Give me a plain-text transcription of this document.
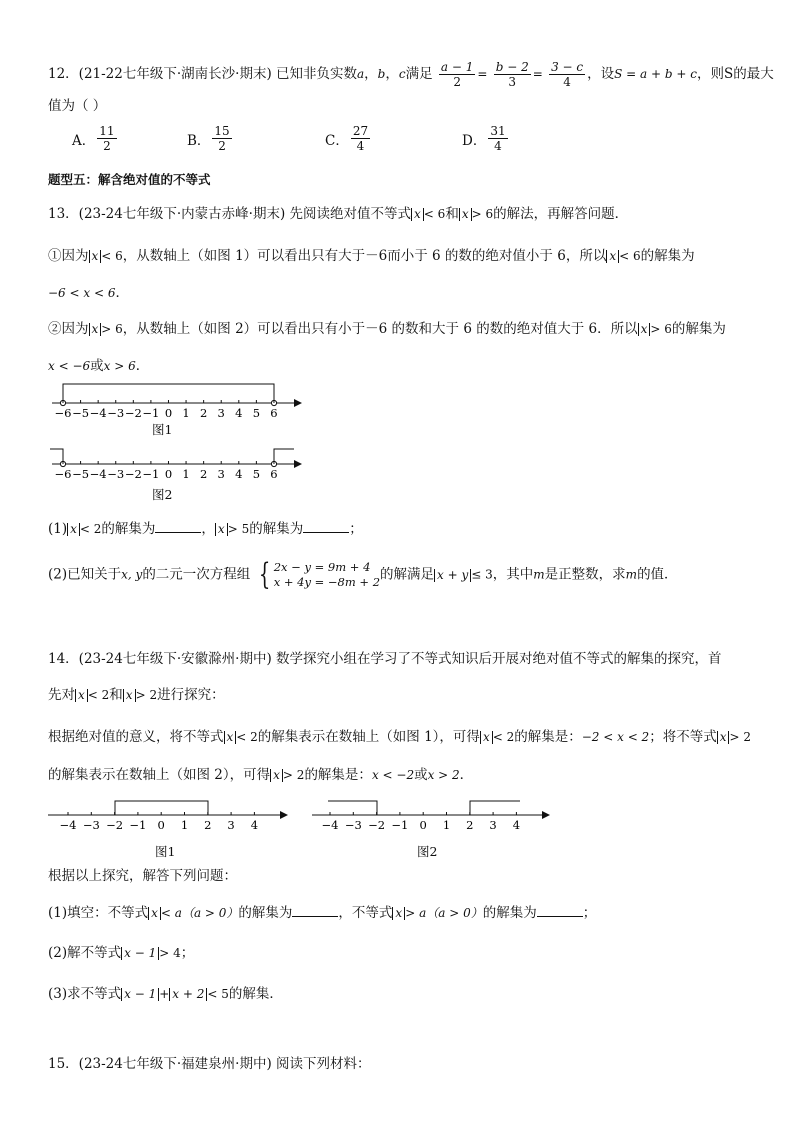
12．(21-22七年级下·湖南长沙·期末) 已知非负实数a，b，c满足 $\frac{a - 1}{2} = \frac{b - 2}{3} = \frac{3 - c}{4}$ ，设S = a + b + c，则S的最大
值为（ ）
A． $\frac{11}{2}$	B． $\frac{15}{2}$	C． $\frac{27}{4}$	D． $\frac{31}{4}$
题型五：解含绝对值的不等式
13．(23-24七年级下·内蒙古赤峰·期末) 先阅读绝对值不等式 x < 6和 x > 6的解法，再解答问题．
①因为 x < 6，从数轴上（如图 1）可以看出只有大于－6而小于 6 的数的绝对值小于 6，所以 x < 6的解集为
−6 < x < 6．
②因为 x > 6，从数轴上（如图 2）可以看出只有小于－6 的数和大于 6 的数的绝对值大于 6．所以 x > 6的解集为
x < −6或x > 6．
−6 −5 −4 −3 −2 −1 0 1 2 3 4 5 6
图1
−6 −5 −4 −3 −2 −1 0 1 2 3 4 5 6
图2
(1) x < 2的解集为	， x > 5的解集为	；
(2)已知关于x, y的二元一次方程组 { 2x − y = 9m + 4
x + 4y = −8m + 2 的解满足 x + y ≤ 3，其中m是正整数，求m的值．
14．(23-24七年级下·安徽滁州·期中) 数学探究小组在学习了不等式知识后开展对绝对值不等式的解集的探究，首
先对 x < 2和 x > 2进行探究：
根据绝对值的意义，将不等式 x < 2的解集表示在数轴上（如图 1），可得 x < 2的解集是：−2 < x < 2；将不等式 x > 2
的解集表示在数轴上（如图 2），可得 x > 2的解集是：x < −2或x > 2．
−4 −3 −2 −1 0 1 2 3 4
图1
−4 −3 −2 −1 0 1 2 3 4
图2
根据以上探究，解答下列问题：
(1)填空：不等式 x < a（a > 0）的解集为	，不等式 x > a（a > 0）的解集为	；
(2)解不等式 x − 1 > 4；
(3)求不等式 x − 1 + x + 2 < 5的解集．
15．(23-24七年级下·福建泉州·期中) 阅读下列材料：
